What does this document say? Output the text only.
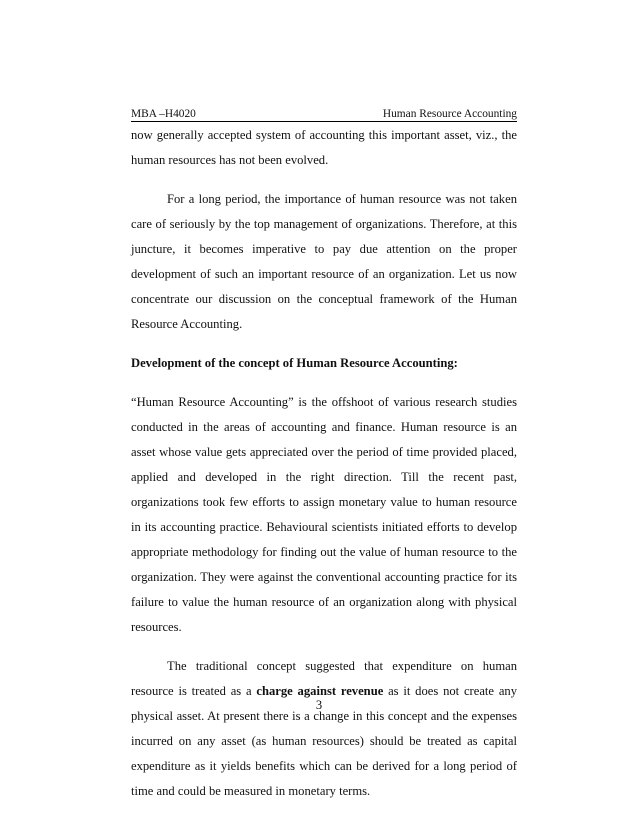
MBA –H4020	Human Resource Accounting

now generally accepted system of accounting this important asset, viz., the human resources has not been evolved.

For a long period, the importance of human resource was not taken care of seriously by the top management of organizations. Therefore, at this juncture, it becomes imperative to pay due attention on the proper development of such an important resource of an organization. Let us now concentrate our discussion on the conceptual framework of the Human Resource Accounting.

Development of the concept of Human Resource Accounting:

“Human Resource Accounting” is the offshoot of various research studies conducted in the areas of accounting and finance. Human resource is an asset whose value gets appreciated over the period of time provided placed, applied and developed in the right direction. Till the recent past, organizations took few efforts to assign monetary value to human resource in its accounting practice. Behavioural scientists initiated efforts to develop appropriate methodology for finding out the value of human resource to the organization. They were against the conventional accounting practice for its failure to value the human resource of an organization along with physical resources.

The traditional concept suggested that expenditure on human resource is treated as a charge against revenue as it does not create any physical asset. At present there is a change in this concept and the expenses incurred on any asset (as human resources) should be treated as capital expenditure as it yields benefits which can be derived for a long period of time and could be measured in monetary terms.

3
